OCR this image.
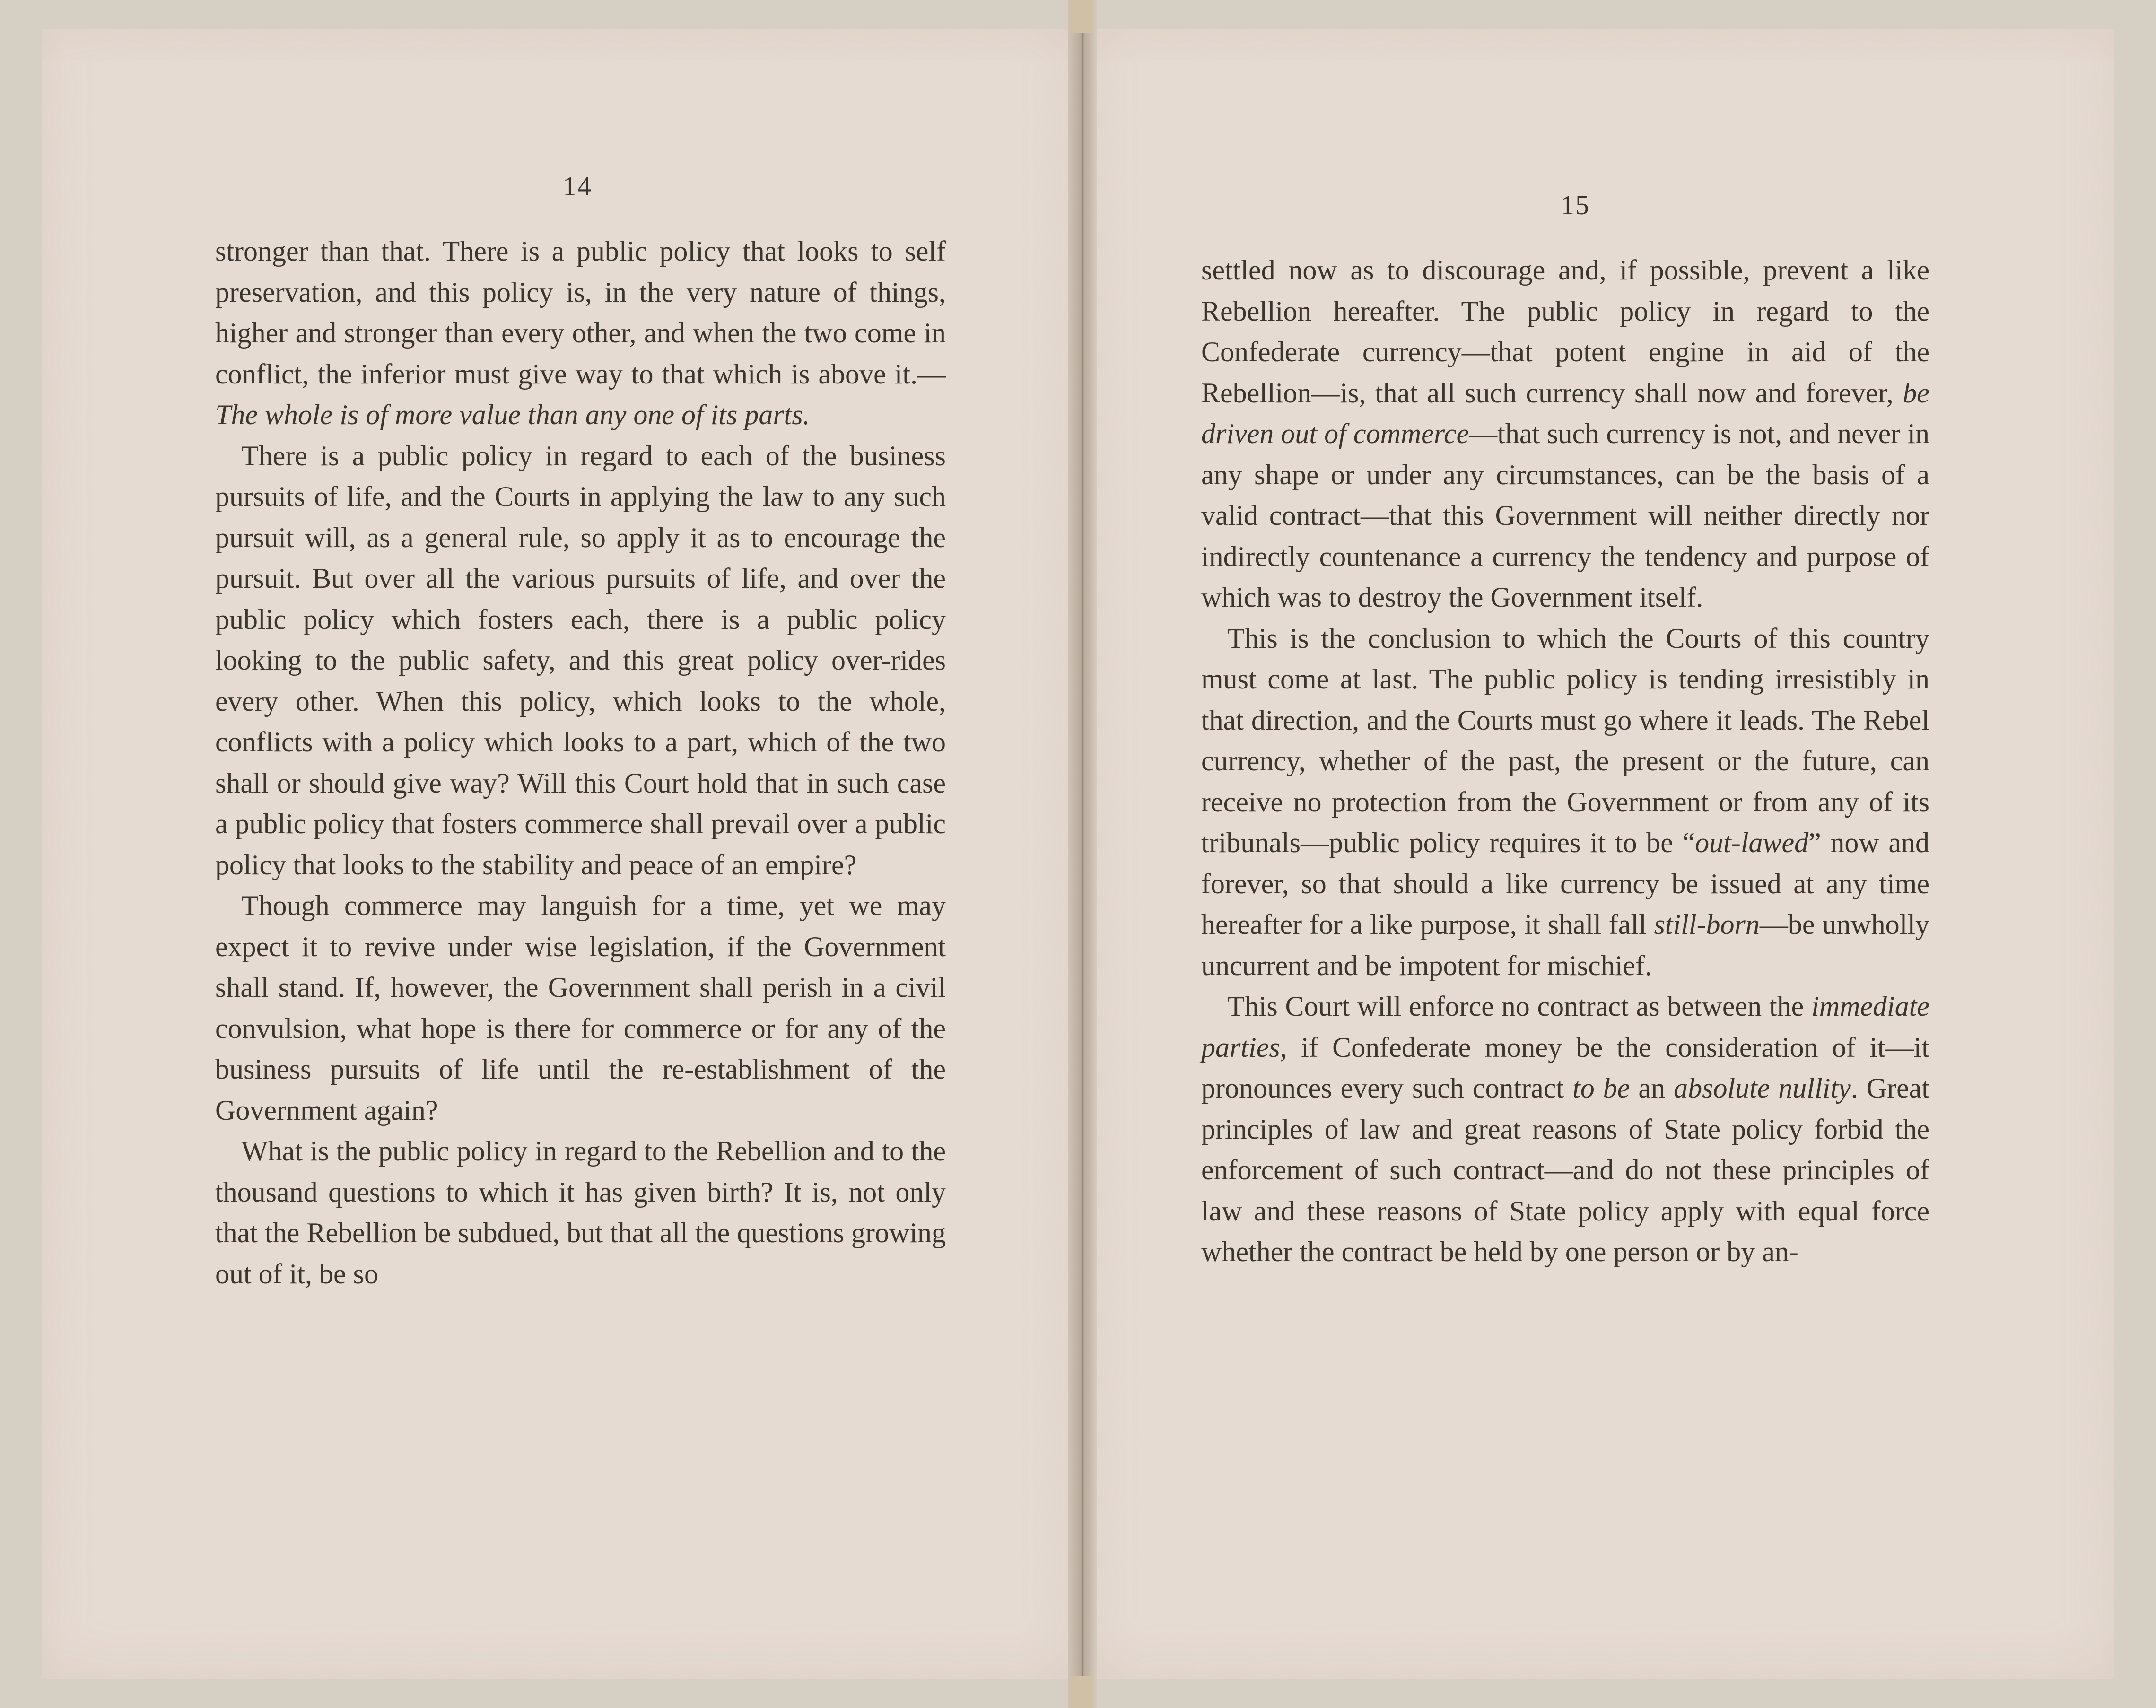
14
15

stronger than that. There is a public policy that looks to self preservation, and this policy is, in the very nature of things, higher and stronger than every other, and when the two come in conflict, the inferior must give way to that which is above it.—The whole is of more value than any one of its parts.

There is a public policy in regard to each of the business pursuits of life, and the Courts in applying the law to any such pursuit will, as a general rule, so apply it as to encourage the pursuit. But over all the various pursuits of life, and over the public policy which fosters each, there is a public policy looking to the public safety, and this great policy over-rides every other. When this policy, which looks to the whole, conflicts with a policy which looks to a part, which of the two shall or should give way? Will this Court hold that in such case a public policy that fosters commerce shall prevail over a public policy that looks to the stability and peace of an empire?

Though commerce may languish for a time, yet we may expect it to revive under wise legislation, if the Government shall stand. If, however, the Government shall perish in a civil convulsion, what hope is there for commerce or for any of the business pursuits of life until the re-establishment of the Government again?

What is the public policy in regard to the Rebellion and to the thousand questions to which it has given birth? It is, not only that the Rebellion be subdued, but that all the questions growing out of it, be so

settled now as to discourage and, if possible, prevent a like Rebellion hereafter. The public policy in regard to the Confederate currency—that potent engine in aid of the Rebellion—is, that all such currency shall now and forever, be driven out of commerce—that such currency is not, and never in any shape or under any circumstances, can be the basis of a valid contract—that this Government will neither directly nor indirectly countenance a currency the tendency and purpose of which was to destroy the Government itself.

This is the conclusion to which the Courts of this country must come at last. The public policy is tending irresistibly in that direction, and the Courts must go where it leads. The Rebel currency, whether of the past, the present or the future, can receive no protection from the Government or from any of its tribunals—public policy requires it to be “out-lawed” now and forever, so that should a like currency be issued at any time hereafter for a like purpose, it shall fall still-born—be unwholly uncurrent and be impotent for mischief.

This Court will enforce no contract as between the immediate parties, if Confederate money be the consideration of it—it pronounces every such contract to be an absolute nullity. Great principles of law and great reasons of State policy forbid the enforcement of such contract—and do not these principles of law and these reasons of State policy apply with equal force whether the contract be held by one person or by an-
